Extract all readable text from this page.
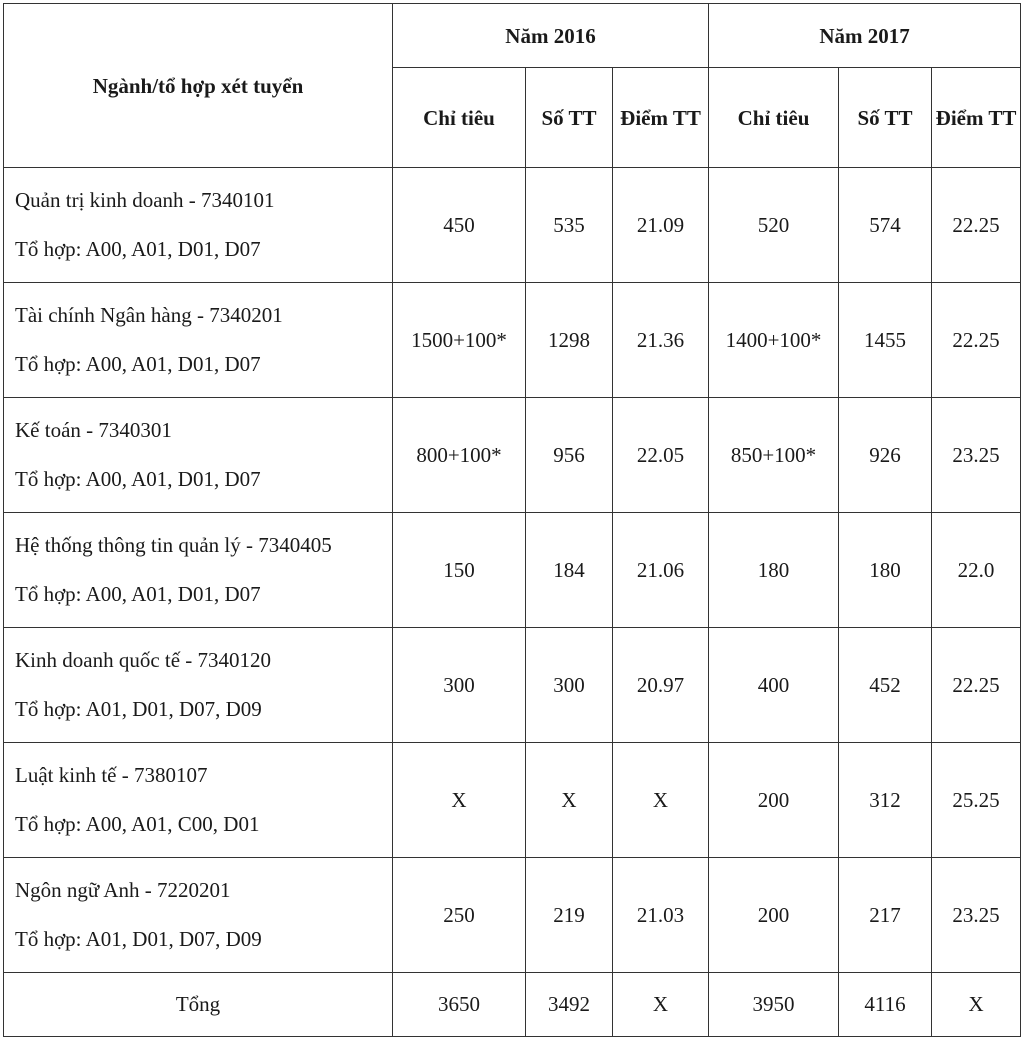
Ngành/tổ hợp xét tuyển	Năm 2016			Năm 2017		
	Chỉ tiêu	Số TT	Điểm TT	Chỉ tiêu	Số TT	Điểm TT

Quản trị kinh doanh - 7340101
Tổ hợp: A00, A01, D01, D07	450	535	21.09	520	574	22.25

Tài chính Ngân hàng - 7340201
Tổ hợp: A00, A01, D01, D07	1500+100*	1298	21.36	1400+100*	1455	22.25

Kế toán - 7340301
Tổ hợp: A00, A01, D01, D07	800+100*	956	22.05	850+100*	926	23.25

Hệ thống thông tin quản lý - 7340405
Tổ hợp: A00, A01, D01, D07	150	184	21.06	180	180	22.0

Kinh doanh quốc tế - 7340120
Tổ hợp: A01, D01, D07, D09	300	300	20.97	400	452	22.25

Luật kinh tế - 7380107
Tổ hợp: A00, A01, C00, D01	X	X	X	200	312	25.25

Ngôn ngữ Anh - 7220201
Tổ hợp: A01, D01, D07, D09	250	219	21.03	200	217	23.25
Tổng	3650	3492	X	3950	4116	X
